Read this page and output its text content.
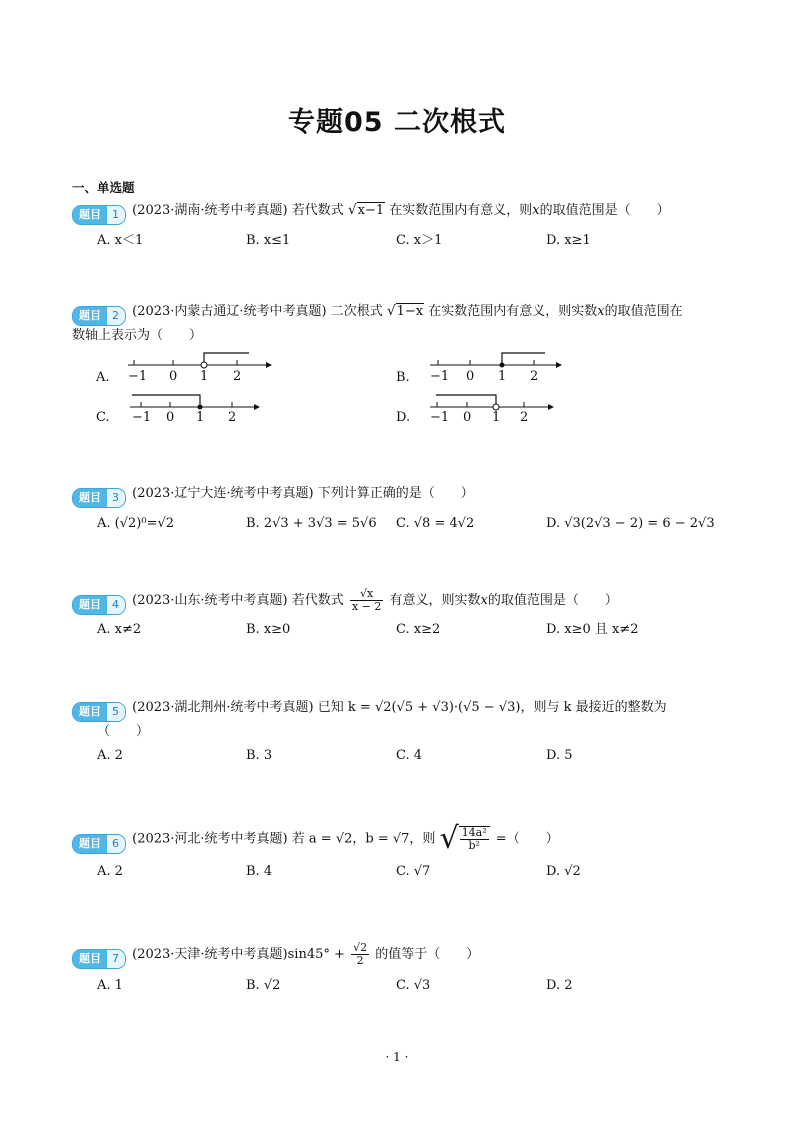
专题05 二次根式
一、单选题
题目	1	(2023·湖南·统考中考真题) 若代数式 √x−1 在实数范围内有意义，则x的取值范围是（　　）
A. x＜1	B. x≤1	C. x＞1	D. x≥1
题目	2	(2023·内蒙古通辽·统考中考真题) 二次根式 √1−x 在实数范围内有意义，则实数x的取值范围在
数轴上表示为（　　）
A. −1 0 1 2	B. −1 0 1 2
C. −1 0 1 2	D. −1 0 1 2
题目	3	(2023·辽宁大连·统考中考真题) 下列计算正确的是（　　）
A. (√2)⁰=√2	B. 2√3 + 3√3 = 5√6 C. √8 = 4√2	D. √3(2√3 − 2) = 6 − 2√3
题目	4	(2023·山东·统考中考真题) 若代数式 $\frac{√x}{x - 2}$ 有意义，则实数x的取值范围是（　　）
A. x≠2	B. x≥0	C. x≥2	D. x≥0 且 x≠2
题目	5	(2023·湖北荆州·统考中考真题) 已知 k = √2(√5 + √3)·(√5 − √3)，则与 k 最接近的整数为
（　　）
A. 2	B. 3	C. 4	D. 5
题目	6	(2023·河北·统考中考真题) 若 a = √2，b = √7，则 √ $\frac{\text{14a²}}{\text{b²}}$ =（　　）
A. 2	B. 4	C. √7	D. √2
题目	7	(2023·天津·统考中考真题)$\sin 45^\circ + \frac{√2}{2}$ 的值等于（　　）
A. 1	B. √2	C. √3	D. 2
· 1 ·
